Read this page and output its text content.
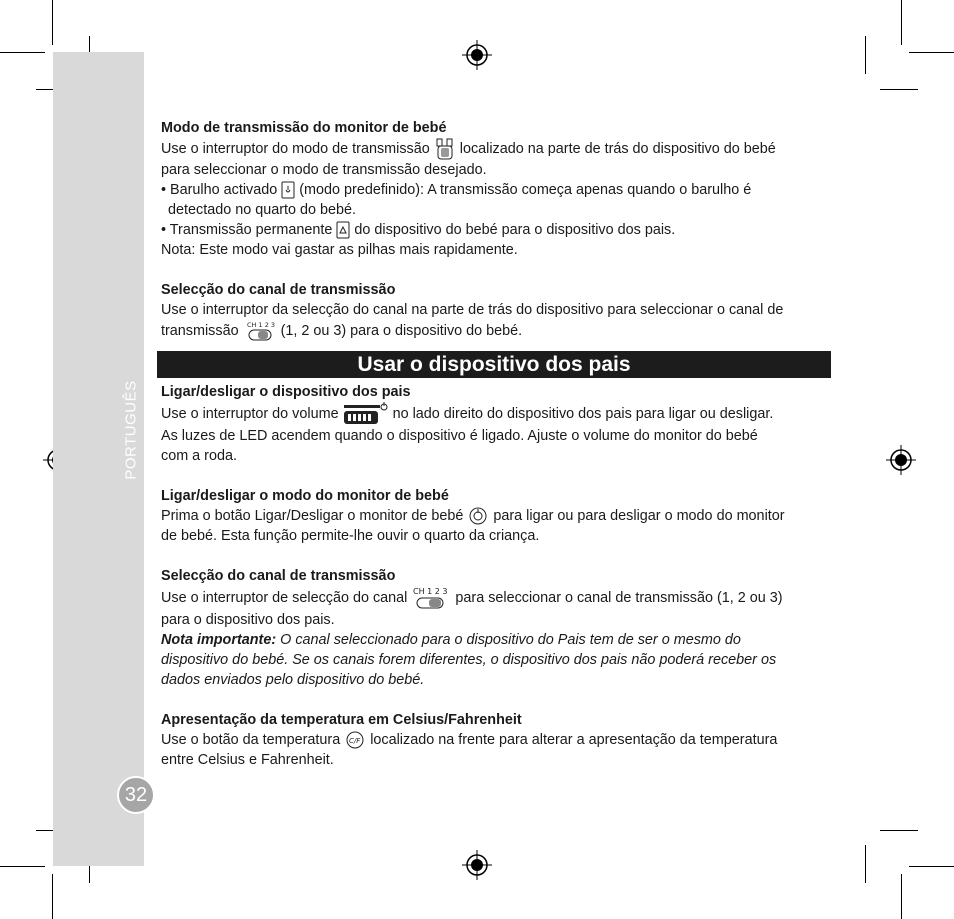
PORTUGUÊS
32
Modo de transmissão do monitor de bebé

Use o interruptor do modo de transmissão localizado na parte de trás do dispositivo do bebé

para seleccionar o modo de transmissão desejado.

• Barulho activado (modo predefinido): A transmissão começa apenas quando o barulho é

detectado no quarto do bebé.

• Transmissão permanente do dispositivo do bebé para o dispositivo dos pais.

Nota: Este modo vai gastar as pilhas mais rapidamente.

Selecção do canal de transmissão

Use o interruptor da selecção do canal na parte de trás do dispositivo para seleccionar o canal de

transmissão CH 1 2 3 (1, 2 ou 3) para o dispositivo do bebé.

Usar o dispositivo dos pais
Ligar/desligar o dispositivo dos pais

Use o interruptor do volume	no lado direito do dispositivo dos pais para ligar ou desligar.

As luzes de LED acendem quando o dispositivo é ligado. Ajuste o volume do monitor do bebé

com a roda.

Ligar/desligar o modo do monitor de bebé

Prima o botão Ligar/Desligar o monitor de bebé para ligar ou para desligar o modo do monitor

de bebé. Esta função permite-lhe ouvir o quarto da criança.

Selecção do canal de transmissão

Use o interruptor de selecção do canal CH 1 2 3 para seleccionar o canal de transmissão (1, 2 ou 3)

para o dispositivo dos pais.

Nota importante: O canal seleccionado para o dispositivo do Pais tem de ser o mesmo do

dispositivo do bebé. Se os canais forem diferentes, o dispositivo dos pais não poderá receber os

dados enviados pelo dispositivo do bebé.

Apresentação da temperatura em Celsius/Fahrenheit

Use o botão da temperatura C/F localizado na frente para alterar a apresentação da temperatura

entre Celsius e Fahrenheit.
